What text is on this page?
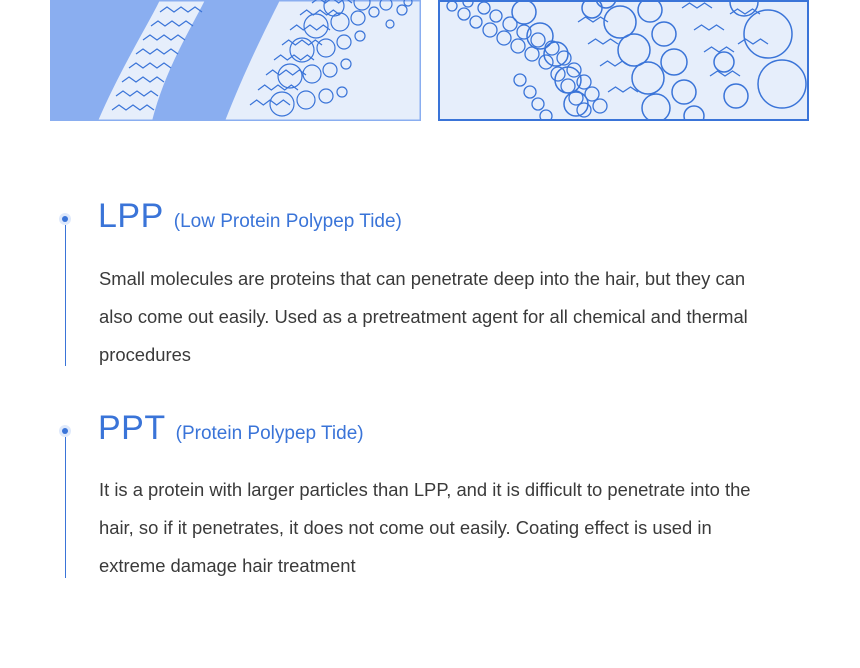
LPP (Low Protein Polypep Tide)

Small molecules are proteins that can penetrate deep into the hair, but they can also come out easily. Used as a pretreatment agent for all chemical and thermal procedures

PPT (Protein Polypep Tide)

It is a protein with larger particles than LPP, and it is difficult to penetrate into the hair, so if it penetrates, it does not come out easily. Coating effect is used in extreme damage hair treatment
